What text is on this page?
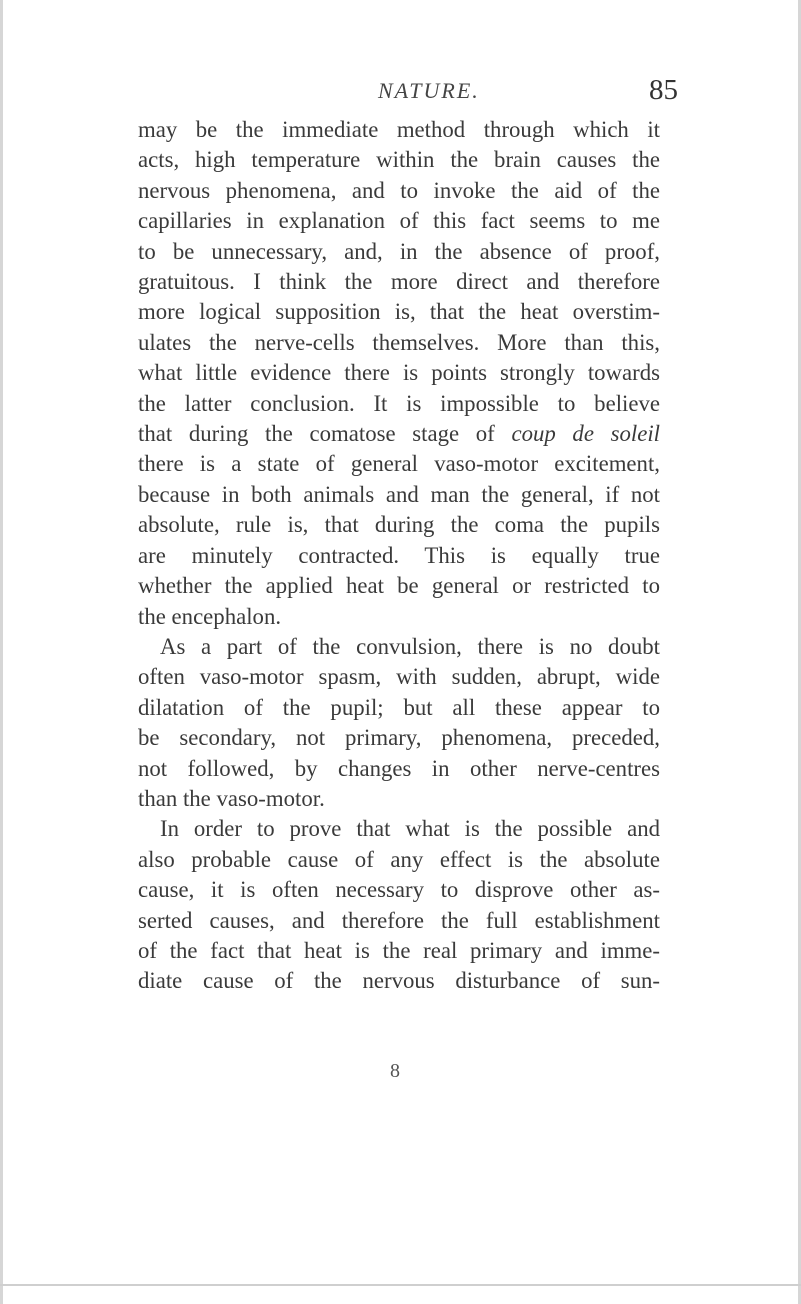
NATURE.	85
may be the immediate method through which it
acts, high temperature within the brain causes the
nervous phenomena, and to invoke the aid of the
capillaries in explanation of this fact seems to me
to be unnecessary, and, in the absence of proof,
gratuitous. I think the more direct and therefore
more logical supposition is, that the heat overstim-
ulates the nerve-cells themselves. More than this,
what little evidence there is points strongly towards
the latter conclusion. It is impossible to believe
that during the comatose stage of coup de soleil
there is a state of general vaso-motor excitement,
because in both animals and man the general, if not
absolute, rule is, that during the coma the pupils
are minutely contracted. This is equally true
whether the applied heat be general or restricted to
the encephalon.
As a part of the convulsion, there is no doubt
often vaso-motor spasm, with sudden, abrupt, wide
dilatation of the pupil; but all these appear to
be secondary, not primary, phenomena, preceded,
not followed, by changes in other nerve-centres
than the vaso-motor.
In order to prove that what is the possible and
also probable cause of any effect is the absolute
cause, it is often necessary to disprove other as-
serted causes, and therefore the full establishment
of the fact that heat is the real primary and imme-
diate cause of the nervous disturbance of sun-
8
